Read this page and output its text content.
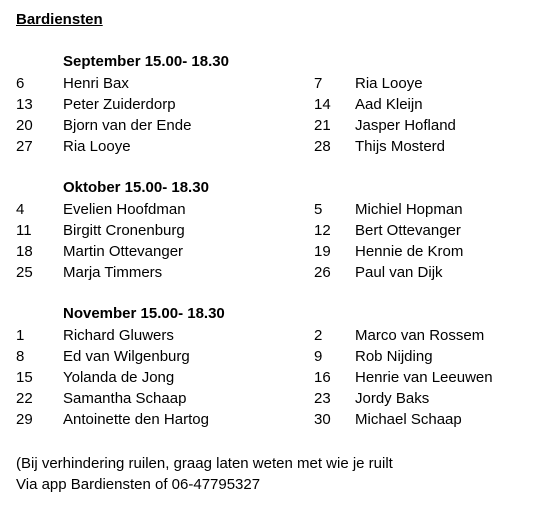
Bardiensten
September 15.00- 18.30
6	Henri Bax	7 Ria Looye
13 Peter Zuiderdorp	14 Aad Kleijn
20 Bjorn van der Ende	21 Jasper Hofland
27 Ria Looye	28 Thijs Mosterd
Oktober 15.00- 18.30
4	Evelien Hoofdman	5 Michiel Hopman
11 Birgitt Cronenburg	12 Bert Ottevanger
18 Martin Ottevanger	19 Hennie de Krom
25 Marja Timmers	26 Paul van Dijk
November 15.00- 18.30
1	Richard Gluwers	2 Marco van Rossem
8	Ed van Wilgenburg	9 Rob Nijding
15 Yolanda de Jong	16 Henrie van Leeuwen
22 Samantha Schaap	23 Jordy Baks
29 Antoinette den Hartog	30 Michael Schaap
(Bij verhindering ruilen, graag laten weten met wie je ruilt
Via app Bardiensten of 06-47795327
